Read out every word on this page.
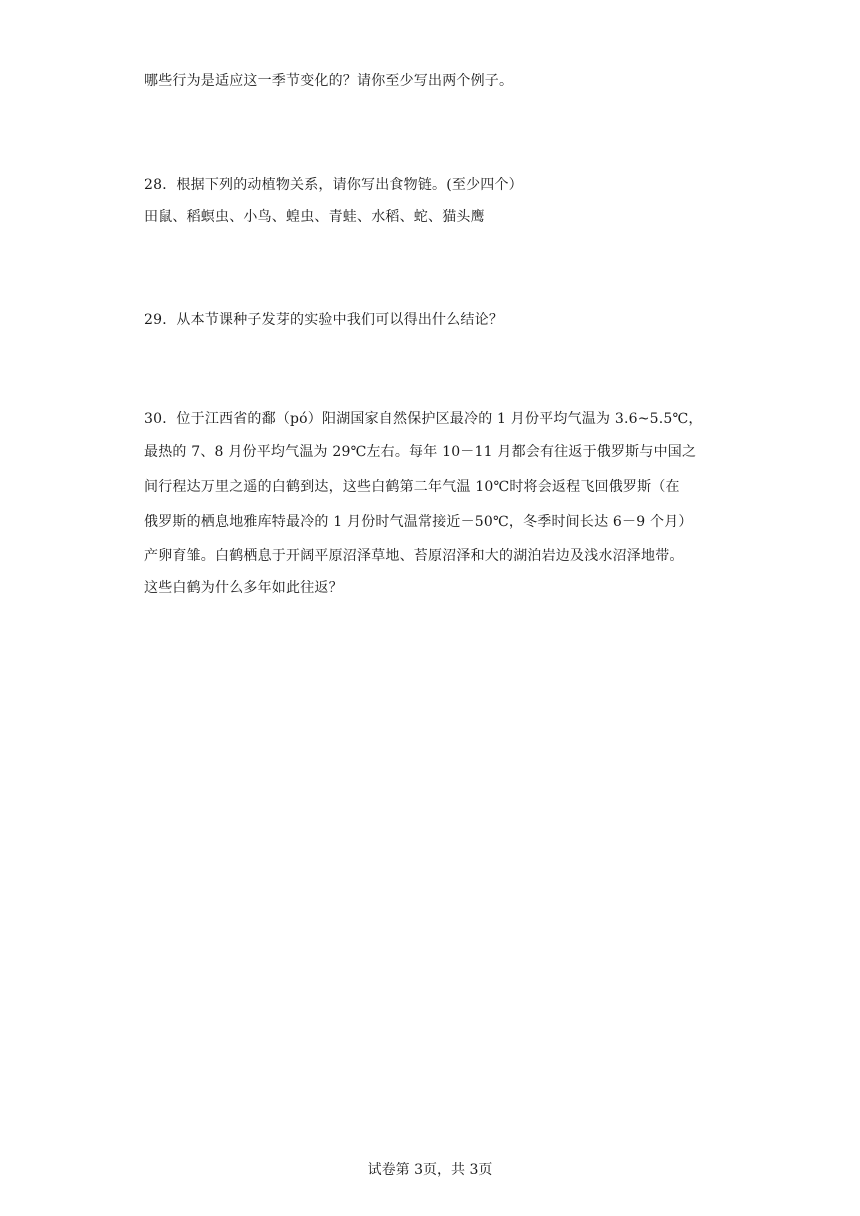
哪些行为是适应这一季节变化的？请你至少写出两个例子。
28．根据下列的动植物关系，请你写出食物链。(至少四个）
田鼠、稻螟虫、小鸟、蝗虫、青蛙、水稻、蛇、猫头鹰
29．从本节课种子发芽的实验中我们可以得出什么结论？
30．位于江西省的鄱（pó）阳湖国家自然保护区最冷的 1 月份平均气温为 3.6~5.5℃，
最热的 7、8 月份平均气温为 29℃左右。每年 10－11 月都会有往返于俄罗斯与中国之
间行程达万里之遥的白鹤到达，这些白鹤第二年气温 10℃时将会返程飞回俄罗斯（在
俄罗斯的栖息地雅库特最冷的 1 月份时气温常接近－50℃，冬季时间长达 6－9 个月）
产卵育雏。白鹤栖息于开阔平原沼泽草地、苔原沼泽和大的湖泊岩边及浅水沼泽地带。
这些白鹤为什么多年如此往返？
试卷第 3页，共 3页
